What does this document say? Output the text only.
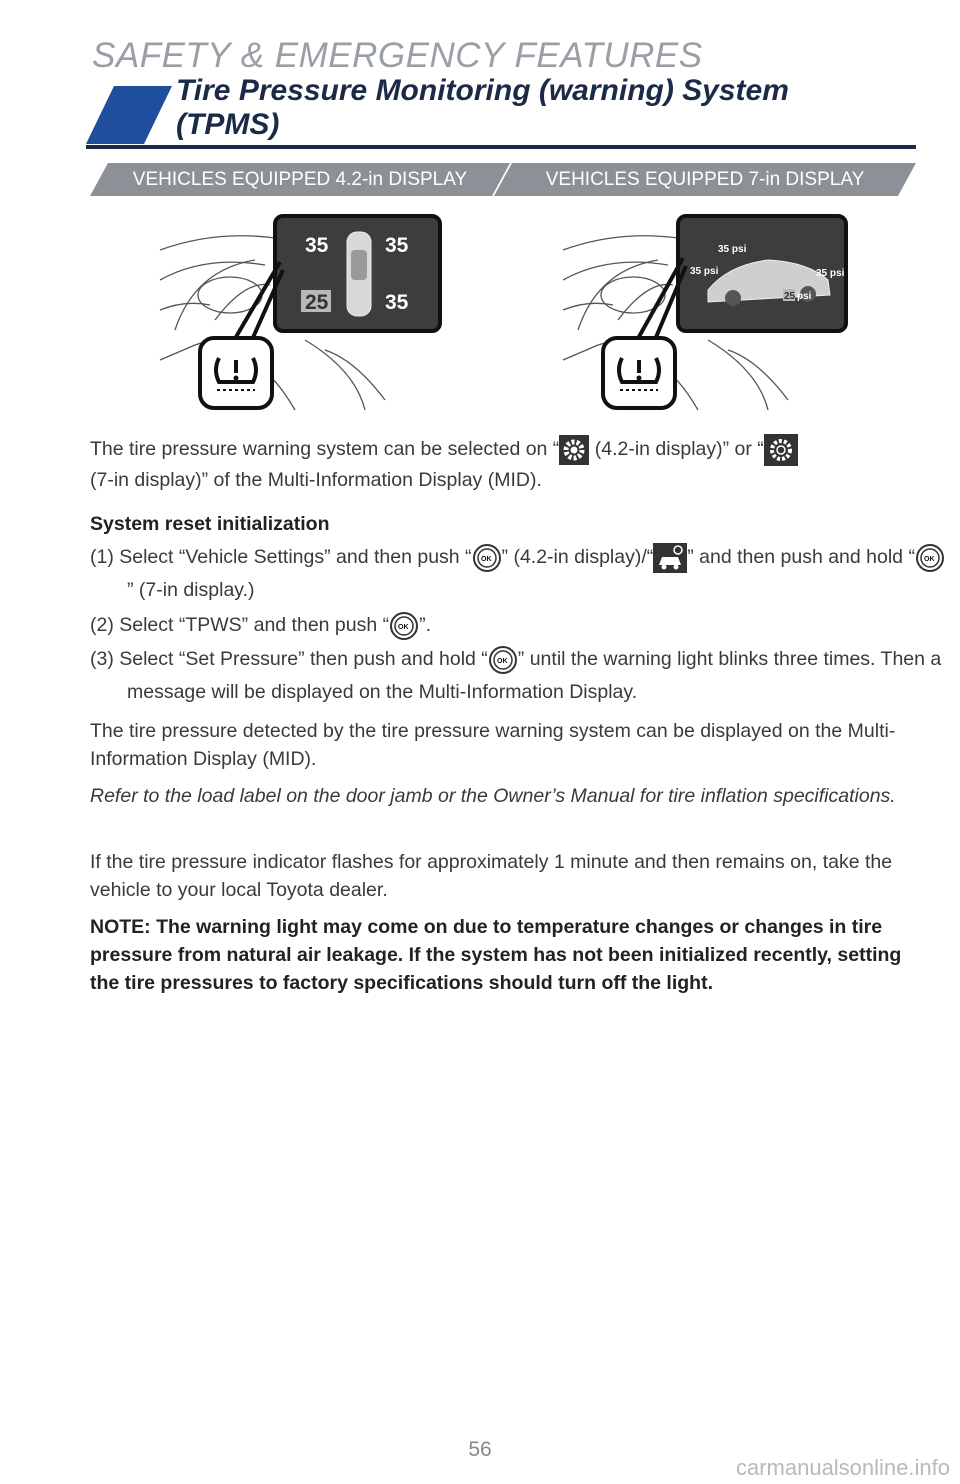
SAFETY & EMERGENCY FEATURES
Tire Pressure Monitoring (warning) System
(TPMS)
VEHICLES EQUIPPED 4.2-in DISPLAY	VEHICLES EQUIPPED 7-in DISPLAY
35	35
25	35
35 psi
35 psi	35 psi
25 psi
The tire pressure warning system can be selected on “ (4.2-in display)” or “
(7-in display)” of the Multi-Information Display (MID).
System reset initialization
(1) Select “Vehicle Settings” and then push “ OK ” (4.2-in display)/“ ” and then push and hold “ OK
” (7-in display.)
(2) Select “TPWS” and then push “ OK ”.
(3) Select “Set Pressure” then push and hold “ OK ” until the warning light blinks three times. Then a message will be displayed on the Multi-Information Display.
The tire pressure detected by the tire pressure warning system can be displayed on the Multi-Information Display (MID).
Refer to the load label on the door jamb or the Owner’s Manual for tire inflation specifications.
If the tire pressure indicator flashes for approximately 1 minute and then remains on, take the vehicle to your local Toyota dealer.
NOTE: The warning light may come on due to temperature changes or changes in tire pressure from natural air leakage. If the system has not been initialized recently, setting the tire pressures to factory specifications should turn off the light.
56
carmanualsonline.info
